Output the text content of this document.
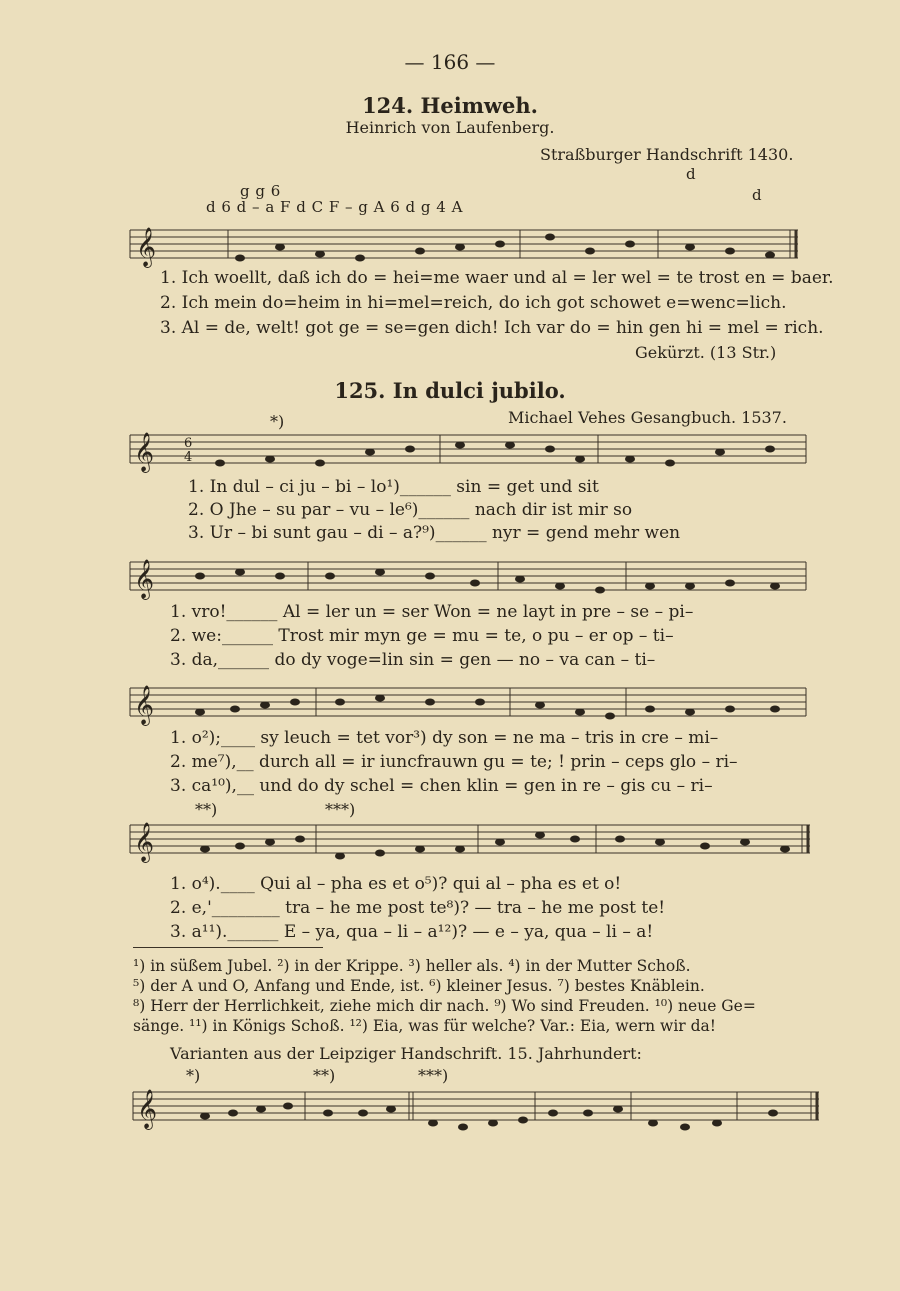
— 166 —
124. Heimweh.
Heinrich von Laufenberg.
Straßburger Handschrift 1430.
d
g g 6	d
d 6 d – a F d C F – g A 6 d g 4 A
𝄞
1. Ich woellt, daß ich do = hei=me waer und al = ler wel = te trost en = baer.
2. Ich mein do=heim in hi=mel=reich, do ich got schowet e=wenc=lich.
3. Al = de, welt! got ge = se=gen dich! Ich var do = hin gen hi = mel = rich.
Gekürzt. (13 Str.)
125. In dulci jubilo.
Michael Vehes Gesangbuch. 1537.
*)
𝄞 6
4
1. In dul – ci ju – bi – lo¹)______ sin = get und sit
2. O Jhe – su par – vu – le⁶)______ nach dir ist mir so
3. Ur – bi sunt gau – di – a?⁹)______ nyr = gend mehr wen
𝄞
1. vro!______ Al = ler un = ser Won = ne layt in pre – se – pi–
2. we:______ Trost mir myn ge = mu = te, o pu – er op – ti–
3. da,______ do dy voge=lin sin = gen — no – va can – ti–
𝄞
1. o²);____ sy leuch = tet vor³) dy son = ne ma – tris in cre – mi–
2. me⁷),__ durch all = ir iuncfrauwn gu = te; ! prin – ceps glo – ri–
3. ca¹⁰),__ und do dy schel = chen klin = gen in re – gis cu – ri–
**)	***)
𝄞
1. o⁴).____ Qui al – pha es et o⁵)? qui al – pha es et o!
2. e,'________ tra – he me post te⁸)? — tra – he me post te!
3. a¹¹).______ E – ya, qua – li – a¹²)? — e – ya, qua – li – a!
¹) in süßem Jubel. ²) in der Krippe. ³) heller als. ⁴) in der Mutter Schoß.
⁵) der A und O, Anfang und Ende, ist. ⁶) kleiner Jesus. ⁷) bestes Knäblein.
⁸) Herr der Herrlichkeit, ziehe mich dir nach. ⁹) Wo sind Freuden. ¹⁰) neue Ge=
sänge. ¹¹) in Königs Schoß. ¹²) Eia, was für welche? Var.: Eia, wern wir da!
Varianten aus der Leipziger Handschrift. 15. Jahrhundert:
*)	**)	***)
𝄞
